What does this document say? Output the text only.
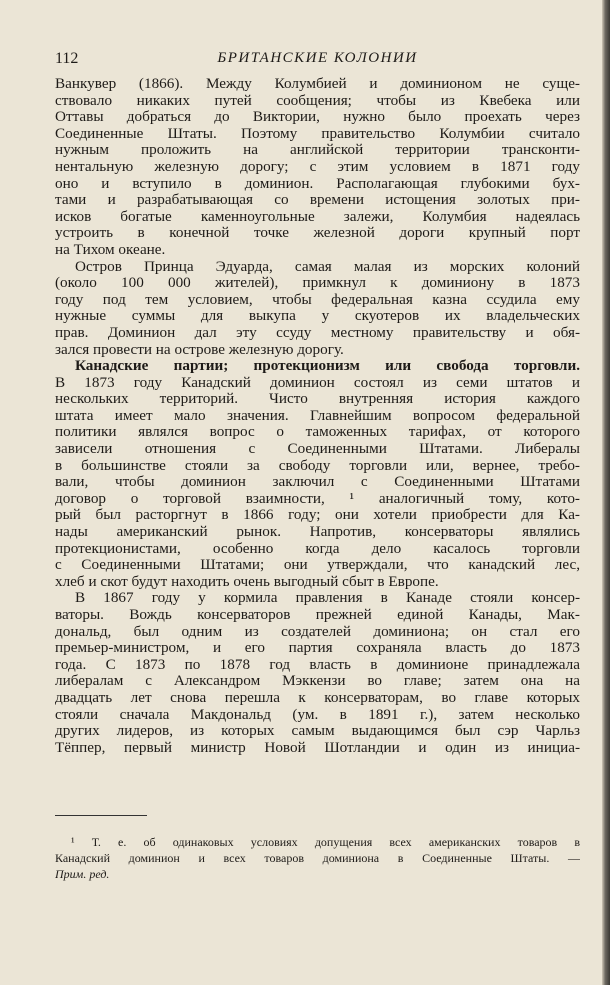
112	БРИТАНСКИЕ КОЛОНИИ
Ванкувер (1866). Между Колумбией и доминионом не суще-
ствовало никаких путей сообщения; чтобы из Квебека или
Оттавы добраться до Виктории, нужно было проехать через
Соединенные Штаты. Поэтому правительство Колумбии считало
нужным проложить на английской территории трансконти-
нентальную железную дорогу; с этим условием в 1871 году
оно и вступило в доминион. Располагающая глубокими бух-
тами и разрабатывающая со времени истощения золотых при-
исков богатые каменноугольные залежи, Колумбия надеялась
устроить в конечной точке железной дороги крупный порт
на Тихом океане.
Остров Принца Эдуарда, самая малая из морских колоний
(около 100 000 жителей), примкнул к доминиону в 1873
году под тем условием, чтобы федеральная казна ссудила ему
нужные суммы для выкупа у скуотеров их владельческих
прав. Доминион дал эту ссуду местному правительству и обя-
зался провести на острове железную дорогу.
Канадские партии; протекционизм или свобода торговли.
В 1873 году Канадский доминион состоял из семи штатов и
нескольких территорий. Чисто внутренняя история каждого
штата имеет мало значения. Главнейшим вопросом федеральной
политики являлся вопрос о таможенных тарифах, от которого
зависели отношения с Соединенными Штатами. Либералы
в большинстве стояли за свободу торговли или, вернее, требо-
вали, чтобы доминион заключил с Соединенными Штатами
договор о торговой взаимности, ¹ аналогичный тому, кото-
рый был расторгнут в 1866 году; они хотели приобрести для Ка-
нады американский рынок. Напротив, консерваторы являлись
протекционистами, особенно когда дело касалось торговли
с Соединенными Штатами; они утверждали, что канадский лес,
хлеб и скот будут находить очень выгодный сбыт в Европе.
В 1867 году у кормила правления в Канаде стояли консер-
ваторы. Вождь консерваторов прежней единой Канады, Мак-
дональд, был одним из создателей доминиона; он стал его
премьер-министром, и его партия сохраняла власть до 1873
года. С 1873 по 1878 год власть в доминионе принадлежала
либералам с Александром Мэккензи во главе; затем она на
двадцать лет снова перешла к консерваторам, во главе которых
стояли сначала Макдональд (ум. в 1891 г.), затем несколько
других лидеров, из которых самым выдающимся был сэр Чарльз
Тёппер, первый министр Новой Шотландии и один из инициа-
¹ Т. е. об одинаковых условиях допущения всех американских товаров в
Канадский доминион и всех товаров доминиона в Соединенные Штаты. —
Прим. ред.
